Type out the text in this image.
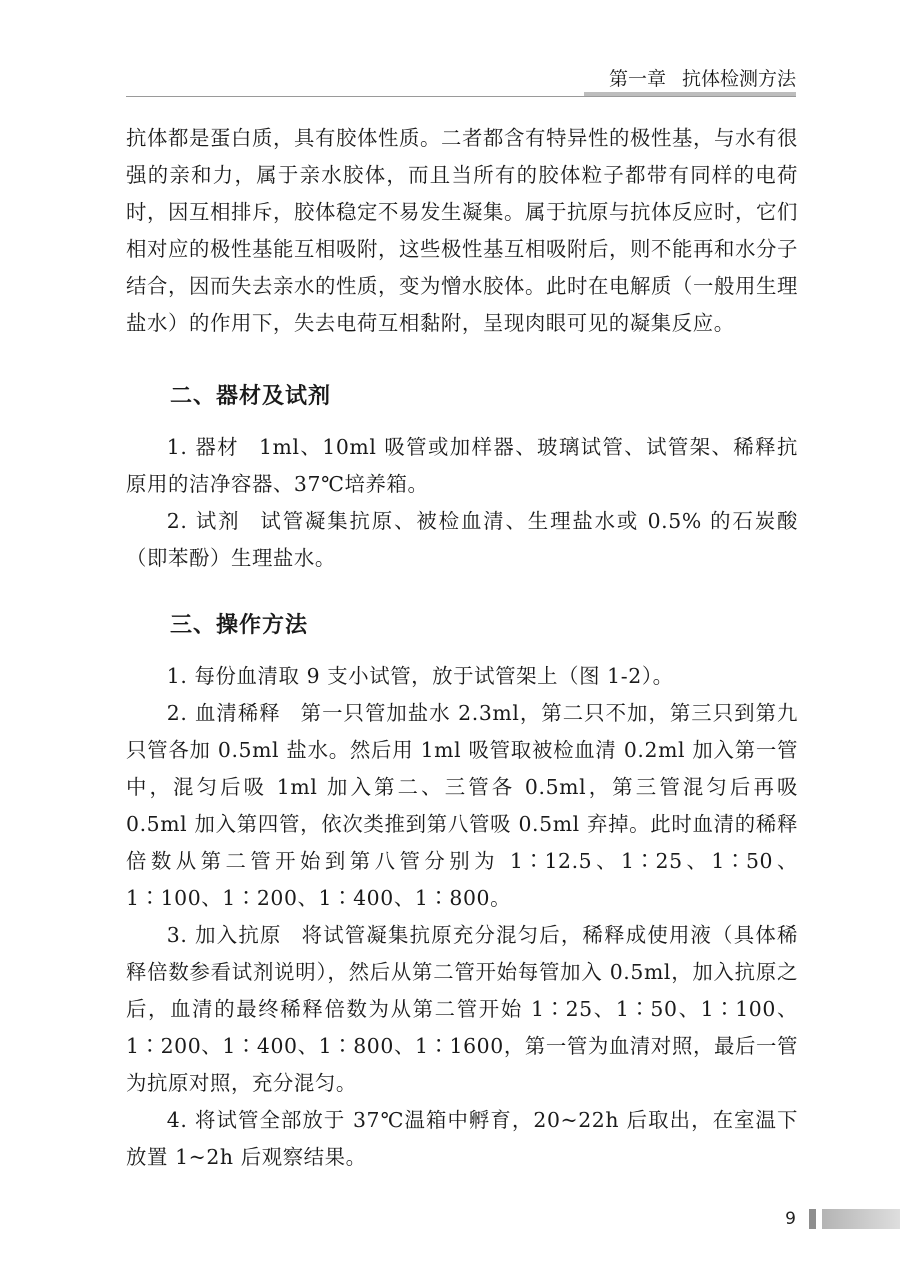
第一章 抗体检测方法

抗体都是蛋白质，具有胶体性质。二者都含有特异性的极性基，与水有很强的亲和力，属于亲水胶体，而且当所有的胶体粒子都带有同样的电荷时，因互相排斥，胶体稳定不易发生凝集。属于抗原与抗体反应时，它们相对应的极性基能互相吸附，这些极性基互相吸附后，则不能再和水分子结合，因而失去亲水的性质，变为憎水胶体。此时在电解质（一般用生理盐水）的作用下，失去电荷互相黏附，呈现肉眼可见的凝集反应。

二、器材及试剂

1. 器材 1ml、10ml 吸管或加样器、玻璃试管、试管架、稀释抗原用的洁净容器、37℃培养箱。

2. 试剂 试管凝集抗原、被检血清、生理盐水或 0.5% 的石炭酸（即苯酚）生理盐水。

三、操作方法

1. 每份血清取 9 支小试管，放于试管架上（图 1-2）。

2. 血清稀释 第一只管加盐水 2.3ml，第二只不加，第三只到第九只管各加 0.5ml 盐水。然后用 1ml 吸管取被检血清 0.2ml 加入第一管中，混匀后吸 1ml 加入第二、三管各 0.5ml，第三管混匀后再吸 0.5ml 加入第四管，依次类推到第八管吸 0.5ml 弃掉。此时血清的稀释倍数从第二管开始到第八管分别为 1∶12.5、1∶25、1∶50、1∶100、1∶200、1∶400、1∶800。

3. 加入抗原 将试管凝集抗原充分混匀后，稀释成使用液（具体稀释倍数参看试剂说明），然后从第二管开始每管加入 0.5ml，加入抗原之后，血清的最终稀释倍数为从第二管开始 1∶25、1∶50、1∶100、1∶200、1∶400、1∶800、1∶1600，第一管为血清对照，最后一管为抗原对照，充分混匀。

4. 将试管全部放于 37℃温箱中孵育，20~22h 后取出，在室温下放置 1~2h 后观察结果。

9
